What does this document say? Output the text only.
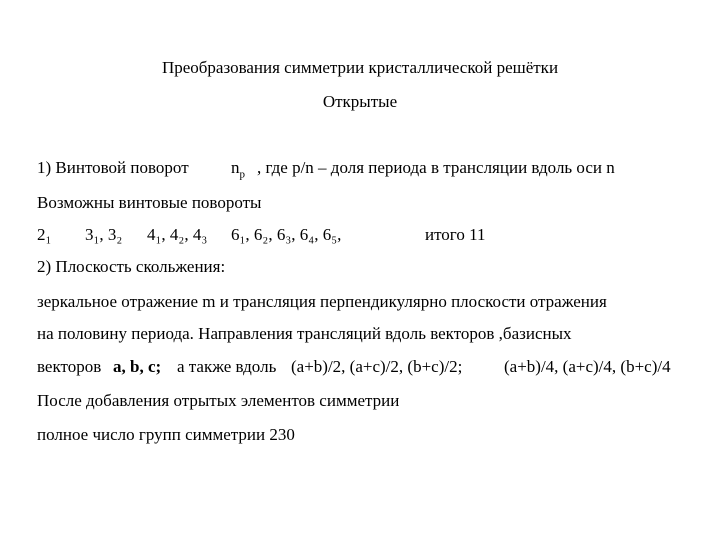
Преобразования симметрии кристаллической решётки
Открытые
1) Винтовой поворот $n_p$ , где p/n – доля периода в трансляции вдоль оси n
Возможны винтовые повороты
2₁ 3₁, 3₂ 4₁, 4₂, 4₃ 6₁, 6₂, 6₃, 6₄, 6₅,	итого 11
2) Плоскость скольжения:
зеркальное отражение m и трансляция перпендикулярно плоскости отражения
на половину периода. Направления трансляций вдоль векторов ,базисных
векторов a, b, c; а также вдоль (a+b)/2, (a+c)/2, (b+c)/2; (a+b)/4, (a+c)/4, (b+c)/4
После добавления отрытых элементов симметрии
полное число групп симметрии 230
